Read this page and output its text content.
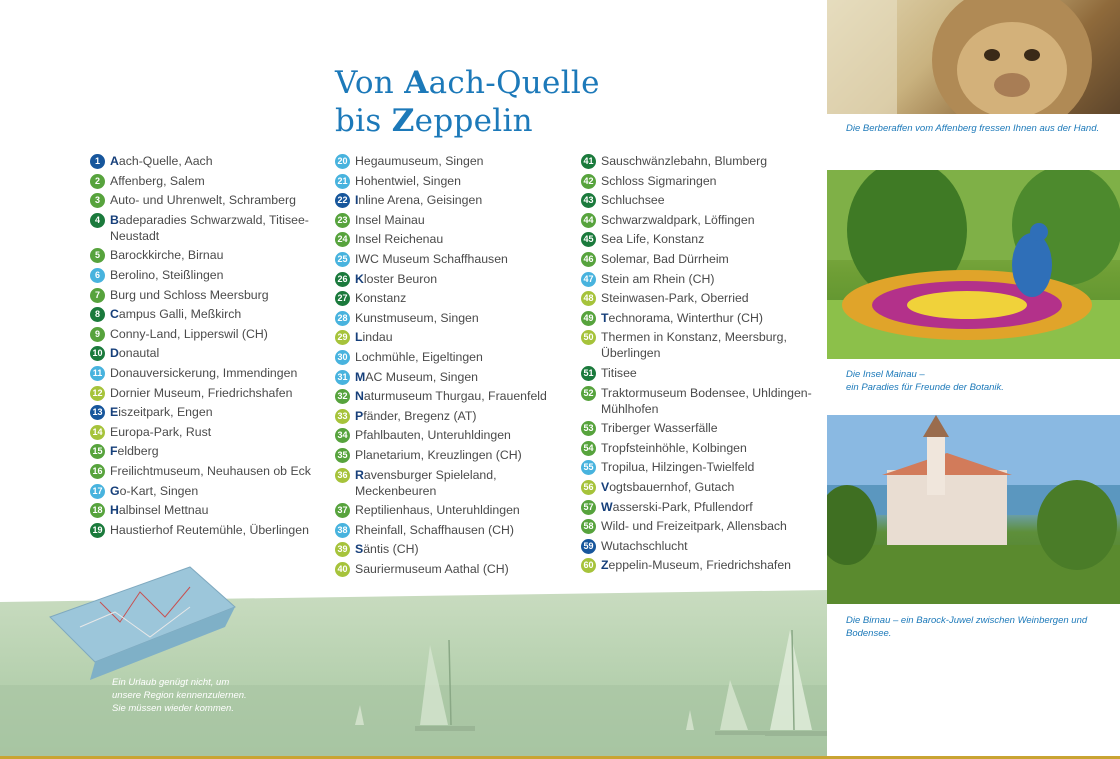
Von Aach-Quelle
bis Zeppelin
1 Aach-Quelle, Aach
2 Affenberg, Salem
3 Auto- und Uhrenwelt, Schramberg
4 Badeparadies Schwarzwald, Titisee-Neustadt
5 Barockkirche, Birnau
6 Berolino, Steißlingen
7 Burg und Schloss Meersburg
8 Campus Galli, Meßkirch
9 Conny-Land, Lipperswil (CH)
10 Donautal
11 Donauversickerung, Immendingen
12 Dornier Museum, Friedrichshafen
13 Eiszeitpark, Engen
14 Europa-Park, Rust
15 Feldberg
16 Freilichtmuseum, Neuhausen ob Eck
17 Go-Kart, Singen
18 Halbinsel Mettnau
19 Haustierhof Reutemühle, Überlingen
20 Hegaumuseum, Singen
21 Hohentwiel, Singen
22 Inline Arena, Geisingen
23 Insel Mainau
24 Insel Reichenau
25 IWC Museum Schaffhausen
26 Kloster Beuron
27 Konstanz
28 Kunstmuseum, Singen
29 Lindau
30 Lochmühle, Eigeltingen
31 MAC Museum, Singen
32 Naturmuseum Thurgau, Frauenfeld
33 Pfänder, Bregenz (AT)
34 Pfahlbauten, Unteruhldingen
35 Planetarium, Kreuzlingen (CH)
36 Ravensburger Spieleland, Meckenbeuren
37 Reptilienhaus, Unteruhldingen
38 Rheinfall, Schaffhausen (CH)
39 Säntis (CH)
40 Sauriermuseum Aathal (CH)
41 Sauschwänzlebahn, Blumberg
42 Schloss Sigmaringen
43 Schluchsee
44 Schwarzwaldpark, Löffingen
45 Sea Life, Konstanz
46 Solemar, Bad Dürrheim
47 Stein am Rhein (CH)
48 Steinwasen-Park, Oberried
49 Technorama, Winterthur (CH)
50 Thermen in Konstanz, Meersburg, Überlingen
51 Titisee
52 Traktormuseum Bodensee, Uhldingen-Mühlhofen
53 Triberger Wasserfälle
54 Tropfsteinhöhle, Kolbingen
55 Tropilua, Hilzingen-Twielfeld
56 Vogtsbauernhof, Gutach
57 Wasserski-Park, Pfullendorf
58 Wild- und Freizeitpark, Allensbach
59 Wutachschlucht
60 Zeppelin-Museum, Friedrichshafen

Die Berberaffen vom Affenberg fressen Ihnen aus der Hand.

Die Insel Mainau –
ein Paradies für Freunde der Botanik.

Die Birnau – ein Barock-Juwel zwischen Weinbergen und Bodensee.

Ein Urlaub genügt nicht, um
unsere Region kennenzulernen.
Sie müssen wieder kommen.
